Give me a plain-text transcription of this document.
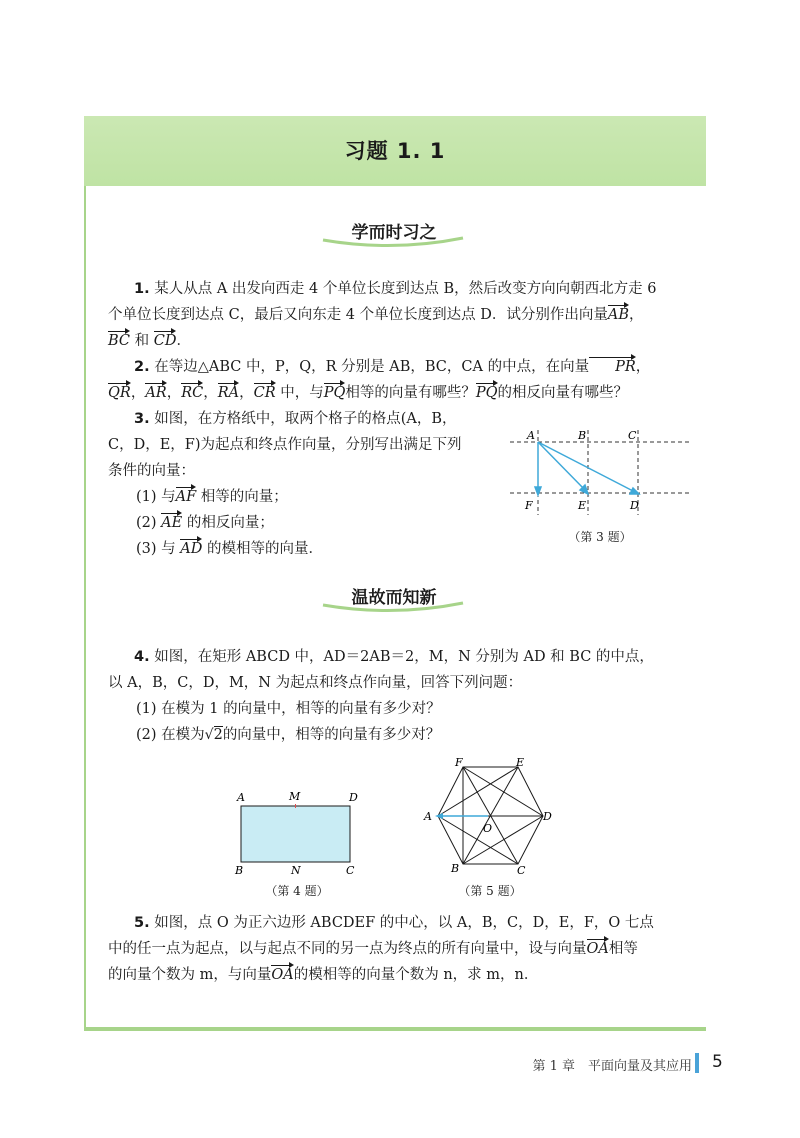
习题 1. 1
学而时习之
1. 某人从点 A 出发向西走 4 个单位长度到达点 B，然后改变方向向朝西北方走 6
个单位长度到达点 C，最后又向东走 4 个单位长度到达点 D．试分别作出向量AB，
BC 和 CD．
2. 在等边△ABC 中，P，Q，R 分别是 AB，BC，CA 的中点，在向量 PR，
QR，AR，RC，RA，CR 中，与PQ相等的向量有哪些？PQ的相反向量有哪些？
3. 如图，在方格纸中，取两个格子的格点(A，B，
C，D，E，F)为起点和终点作向量，分别写出满足下列
条件的向量：
(1) 与AF 相等的向量；
(2) AE 的相反向量；
(3) 与 AD 的模相等的向量．
A	B	C
D
E
F
（第 3 题）
温故而知新
4. 如图，在矩形 ABCD 中，AD＝2AB＝2，M，N 分别为 AD 和 BC 的中点，
以 A，B，C，D，M，N 为起点和终点作向量，回答下列问题：
(1) 在模为 1 的向量中，相等的向量有多少对？
(2) 在模为√2的向量中，相等的向量有多少对？
A	M	D
B	N	C
（第 4 题）
F	E
A	D
O
B	C
（第 5 题）
5. 如图，点 O 为正六边形 ABCDEF 的中心，以 A，B，C，D，E，F，O 七点
中的任一点为起点，以与起点不同的另一点为终点的所有向量中，设与向量OA相等
的向量个数为 m，与向量OA的模相等的向量个数为 n，求 m，n．
第 1 章　平面向量及其应用 5
